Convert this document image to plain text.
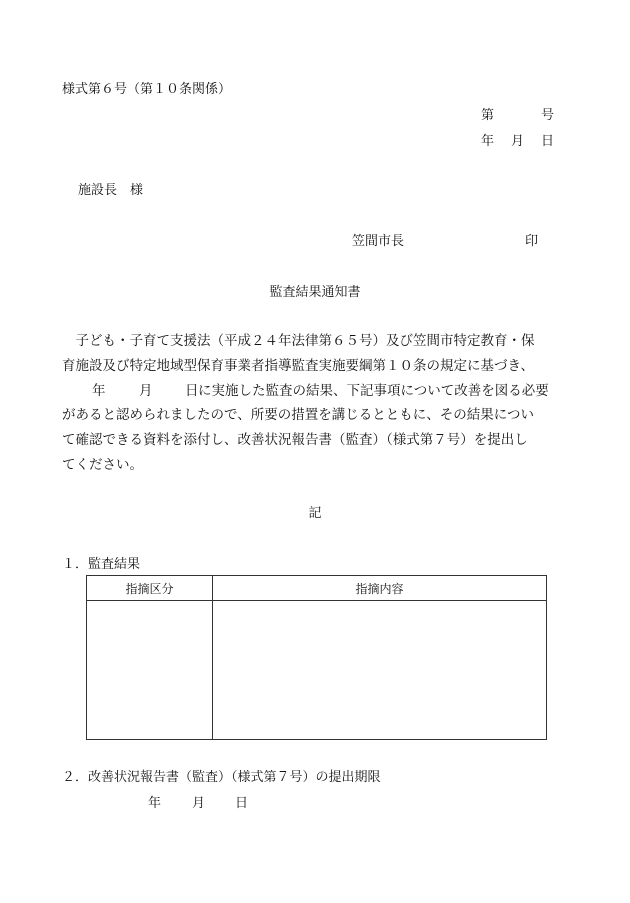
様式第６号（第１０条関係）
第	号
年 月 日
施設長　様
笠間市長	印
監査結果通知書
　子ども・子育て支援法（平成２４年法律第６５号）及び笠間市特定教育・保
育施設及び特定地域型保育事業者指導監査実施要綱第１０条の規定に基づき、
年 月 日 に実施した監査の結果、下記事項について改善を図る必要
があると認められましたので、所要の措置を講じるとともに、その結果につい
て確認できる資料を添付し、改善状況報告書（監査）（様式第７号）を提出し
てください。
記
１．監査結果
指摘区分	指摘内容

２．改善状況報告書（監査）（様式第７号）の提出期限
年 月 日
